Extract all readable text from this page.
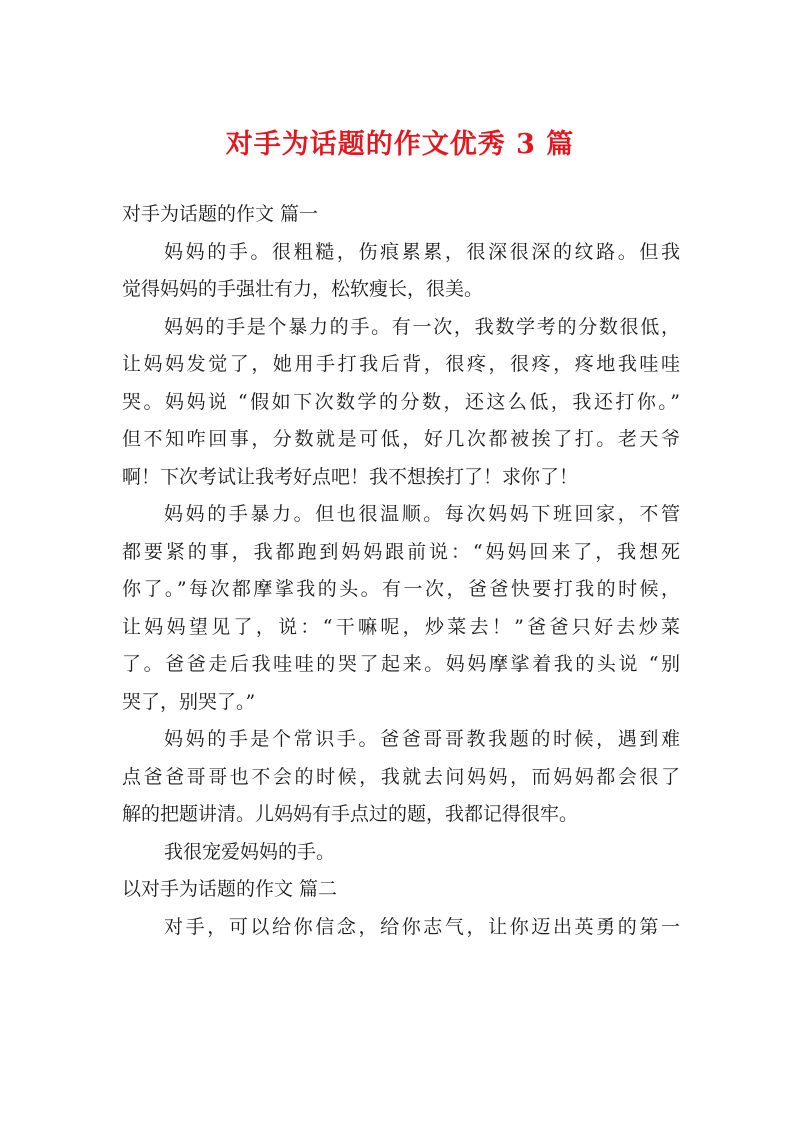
对手为话题的作文优秀 3 篇
对手为话题的作文 篇一
妈妈的手。很粗糙，伤痕累累，很深很深的纹路。但我
觉得妈妈的手强壮有力，松软瘦长，很美。
妈妈的手是个暴力的手。有一次，我数学考的分数很低，
让妈妈发觉了，她用手打我后背，很疼，很疼，疼地我哇哇
哭。妈妈说 “假如下次数学的分数，还这么低，我还打你。”
但不知咋回事，分数就是可低，好几次都被挨了打。老天爷
啊！下次考试让我考好点吧！我不想挨打了！求你了！
妈妈的手暴力。但也很温顺。每次妈妈下班回家，不管
都要紧的事，我都跑到妈妈跟前说：“妈妈回来了，我想死
你了。”每次都摩挲我的头。有一次，爸爸快要打我的时候，
让妈妈望见了，说：“干嘛呢，炒菜去！”爸爸只好去炒菜
了。爸爸走后我哇哇的哭了起来。妈妈摩挲着我的头说 “别
哭了，别哭了。”
妈妈的手是个常识手。爸爸哥哥教我题的时候，遇到难
点爸爸哥哥也不会的时候，我就去问妈妈，而妈妈都会很了
解的把题讲清。儿妈妈有手点过的题，我都记得很牢。
我很宠爱妈妈的手。
以对手为话题的作文 篇二
对手，可以给你信念，给你志气，让你迈出英勇的第一
